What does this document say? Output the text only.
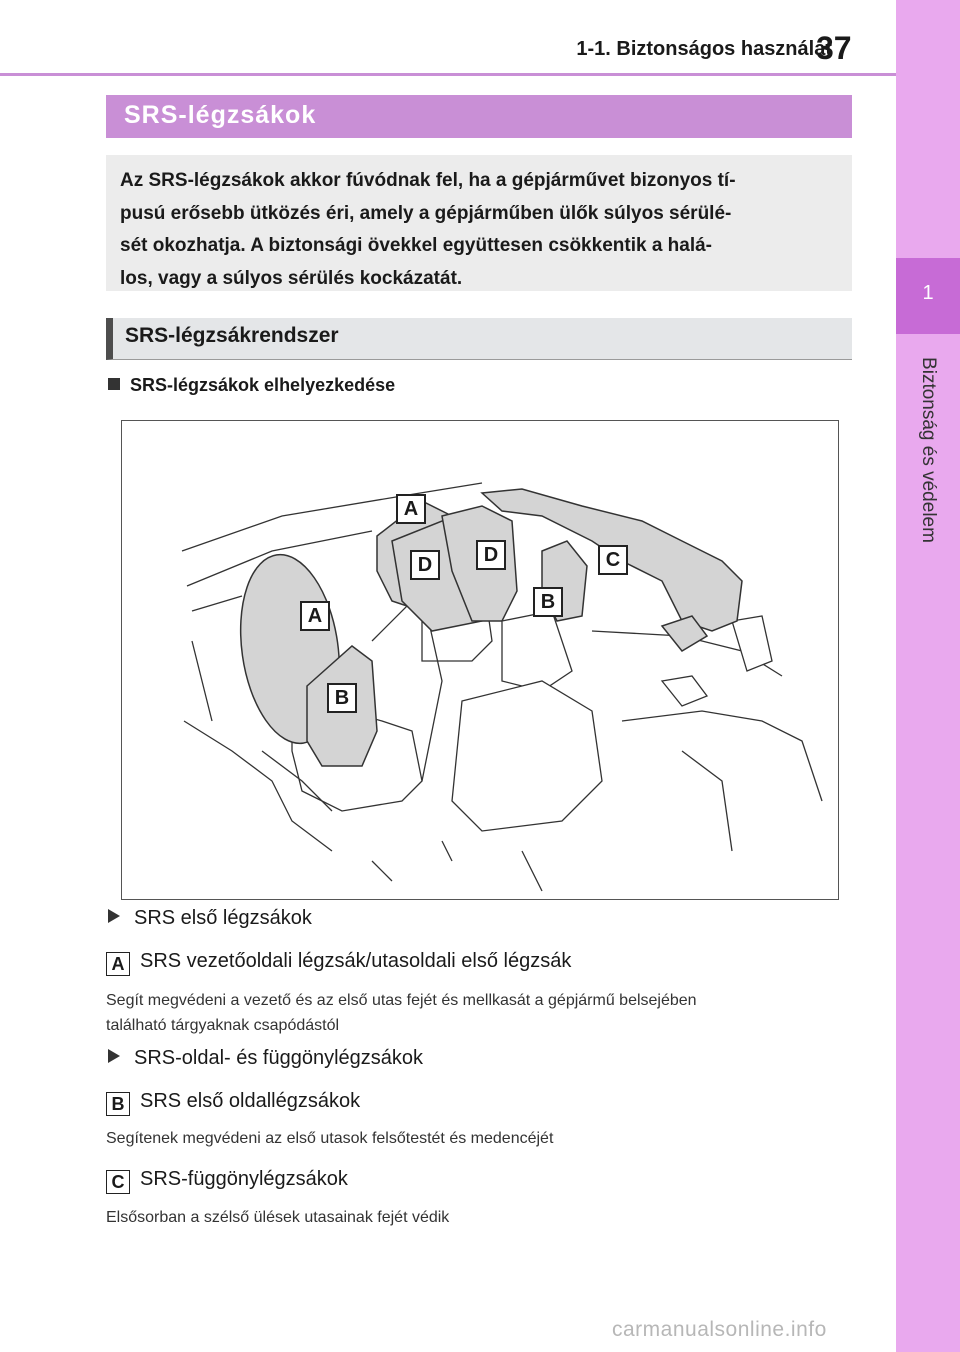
1-1. Biztonságos használat
37
1
Biztonság és védelem
SRS-légzsákok
Az SRS-légzsákok akkor fúvódnak fel, ha a gépjárművet bizonyos tí-
pusú erősebb ütközés éri, amely a gépjárműben ülők súlyos sérülé-
sét okozhatja. A biztonsági övekkel együttesen csökkentik a halá-
los, vagy a súlyos sérülés kockázatát.
SRS-légzsákrendszer
SRS-légzsákok elhelyezkedése
A
A
D	D
B
C
B
SRS első légzsákok
A SRS vezetőoldali légzsák/utasoldali első légzsák
Segít megvédeni a vezető és az első utas fejét és mellkasát a gépjármű belsejében
található tárgyaknak csapódástól
SRS-oldal- és függönylégzsákok
B SRS első oldallégzsákok
Segítenek megvédeni az első utasok felsőtestét és medencéjét
C SRS-függönylégzsákok
Elsősorban a szélső ülések utasainak fejét védik
carmanualsonline.info
